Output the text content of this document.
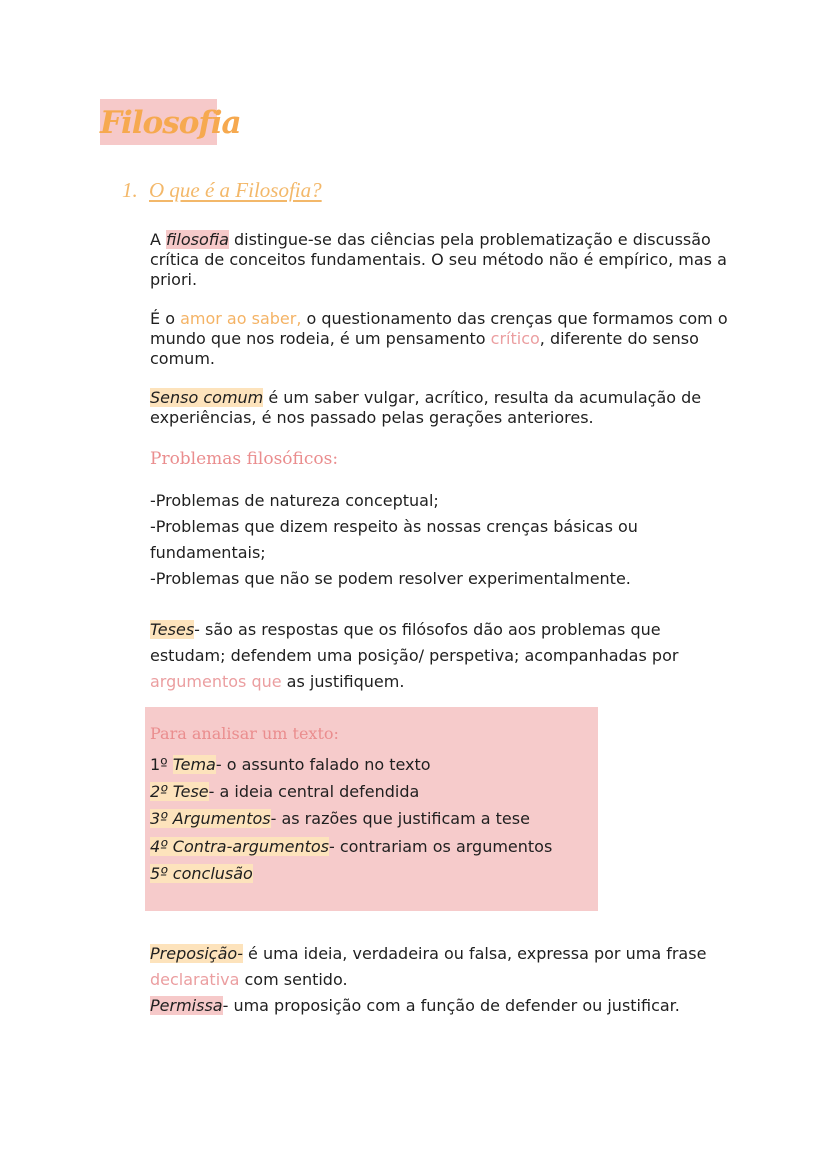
Filosofia
1. O que é a Filosofia?
A filosofia distingue-se das ciências pela problematização e discussão crítica de conceitos fundamentais. O seu método não é empírico, mas a priori.
É o amor ao saber, o questionamento das crenças que formamos com o mundo que nos rodeia, é um pensamento crítico, diferente do senso comum.
Senso comum é um saber vulgar, acrítico, resulta da acumulação de experiências, é nos passado pelas gerações anteriores.
Problemas filosóficos:
-Problemas de natureza conceptual;
-Problemas que dizem respeito às nossas crenças básicas ou fundamentais;
-Problemas que não se podem resolver experimentalmente.
Teses- são as respostas que os filósofos dão aos problemas que estudam; defendem uma posição/ perspetiva; acompanhadas por argumentos que as justifiquem.
Para analisar um texto:
1º Tema- o assunto falado no texto
2º Tese- a ideia central defendida
3º Argumentos- as razões que justificam a tese
4º Contra-argumentos- contrariam os argumentos
5º conclusão
Preposição- é uma ideia, verdadeira ou falsa, expressa por uma frase declarativa com sentido.
Permissa- uma proposição com a função de defender ou justificar.
